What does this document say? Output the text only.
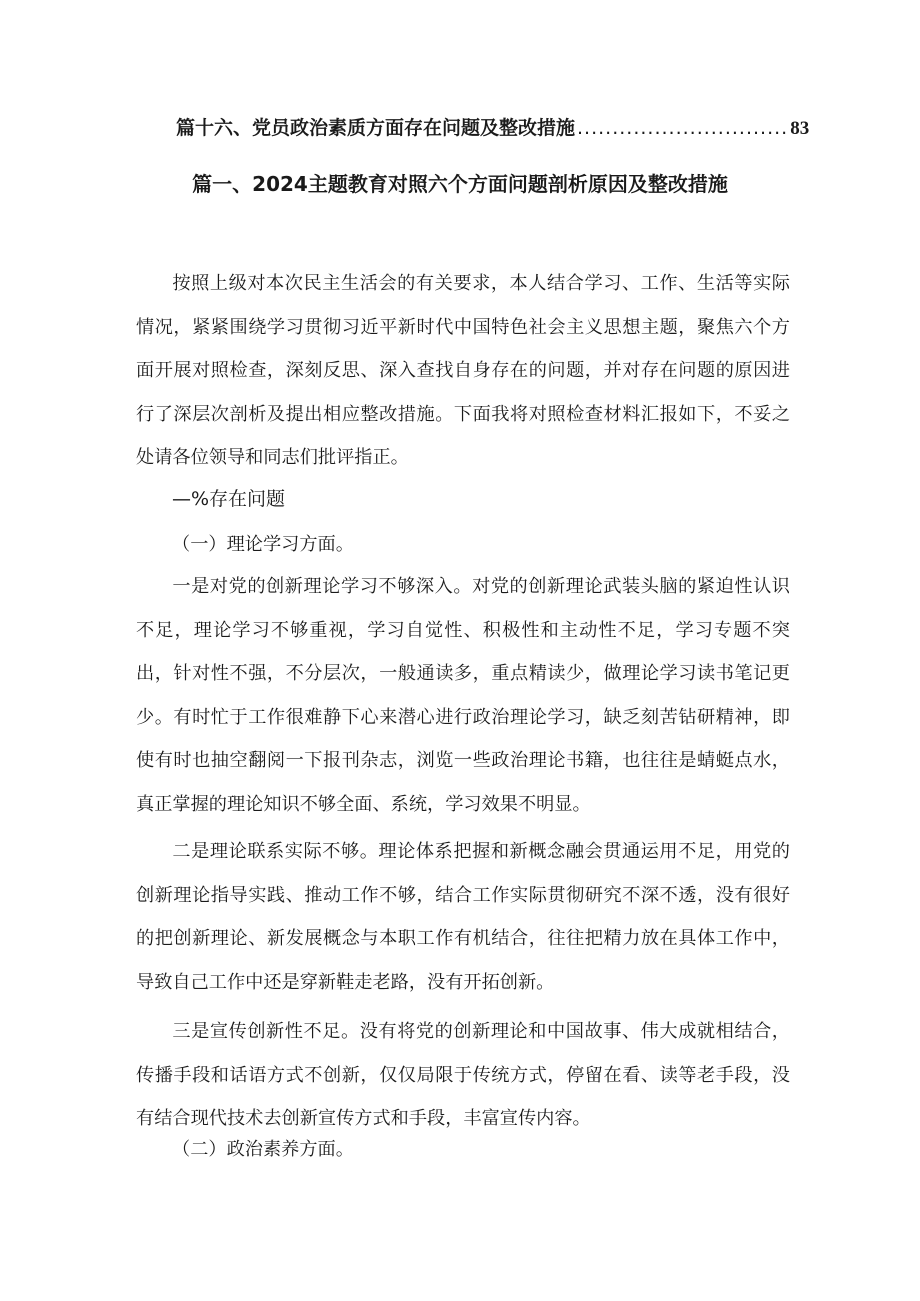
篇十六、党员政治素质方面存在问题及整改措施 .............................. 83
篇一、2024主题教育对照六个方面问题剖析原因及整改措施

按照上级对本次民主生活会的有关要求，本人结合学习、工作、生活等实际情况，紧紧围绕学习贯彻习近平新时代中国特色社会主义思想主题，聚焦六个方面开展对照检查，深刻反思、深入查找自身存在的问题，并对存在问题的原因进行了深层次剖析及提出相应整改措施。下面我将对照检查材料汇报如下，不妥之处请各位领导和同志们批评指正。

—%存在问题
（一）理论学习方面。

一是对党的创新理论学习不够深入。对党的创新理论武装头脑的紧迫性认识不足，理论学习不够重视，学习自觉性、积极性和主动性不足，学习专题不突出，针对性不强，不分层次，一般通读多，重点精读少，做理论学习读书笔记更少。有时忙于工作很难静下心来潜心进行政治理论学习，缺乏刻苦钻研精神，即使有时也抽空翻阅一下报刊杂志，浏览一些政治理论书籍，也往往是蜻蜓点水，真正掌握的理论知识不够全面、系统，学习效果不明显。

二是理论联系实际不够。理论体系把握和新概念融会贯通运用不足，用党的创新理论指导实践、推动工作不够，结合工作实际贯彻研究不深不透，没有很好的把创新理论、新发展概念与本职工作有机结合，往往把精力放在具体工作中，导致自己工作中还是穿新鞋走老路，没有开拓创新。

三是宣传创新性不足。没有将党的创新理论和中国故事、伟大成就相结合，传播手段和话语方式不创新，仅仅局限于传统方式，停留在看、读等老手段，没有结合现代技术去创新宣传方式和手段，丰富宣传内容。

（二）政治素养方面。
